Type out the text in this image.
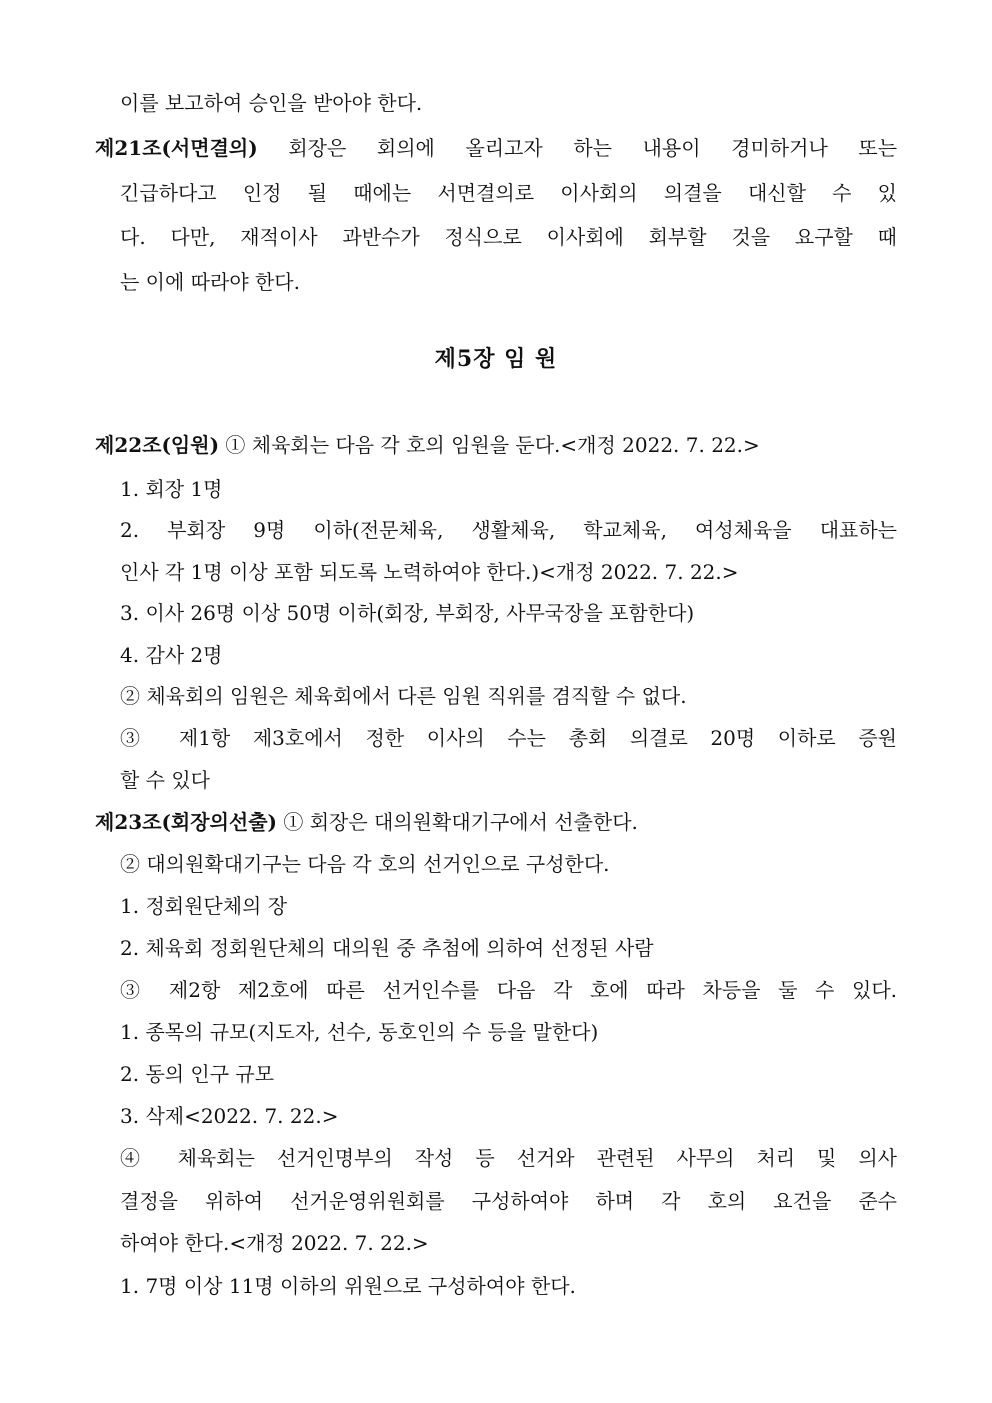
이를 보고하여 승인을 받아야 한다.
제21조(서면결의) 회장은 회의에 올리고자 하는 내용이 경미하거나 또는
긴급하다고 인정 될 때에는 서면결의로 이사회의 의결을 대신할 수 있
다. 다만, 재적이사 과반수가 정식으로 이사회에 회부할 것을 요구할 때
는 이에 따라야 한다.
제5장 임 원
제22조(임원) ① 체육회는 다음 각 호의 임원을 둔다.<개정 2022. 7. 22.>
1. 회장 1명
2. 부회장 9명 이하(전문체육, 생활체육, 학교체육, 여성체육을 대표하는
인사 각 1명 이상 포함 되도록 노력하여야 한다.)<개정 2022. 7. 22.>
3. 이사 26명 이상 50명 이하(회장, 부회장, 사무국장을 포함한다)
4. 감사 2명
② 체육회의 임원은 체육회에서 다른 임원 직위를 겸직할 수 없다.
③ 제1항 제3호에서 정한 이사의 수는 총회 의결로 20명 이하로 증원
할 수 있다
제23조(회장의선출) ① 회장은 대의원확대기구에서 선출한다.
② 대의원확대기구는 다음 각 호의 선거인으로 구성한다.
1. 정회원단체의 장
2. 체육회 정회원단체의 대의원 중 추첨에 의하여 선정된 사람
③ 제2항 제2호에 따른 선거인수를 다음 각 호에 따라 차등을 둘 수 있다.
1. 종목의 규모(지도자, 선수, 동호인의 수 등을 말한다)
2. 동의 인구 규모
3. 삭제<2022. 7. 22.>
④ 체육회는 선거인명부의 작성 등 선거와 관련된 사무의 처리 및 의사
결정을 위하여 선거운영위원회를 구성하여야 하며 각 호의 요건을 준수
하여야 한다.<개정 2022. 7. 22.>
1. 7명 이상 11명 이하의 위원으로 구성하여야 한다.
